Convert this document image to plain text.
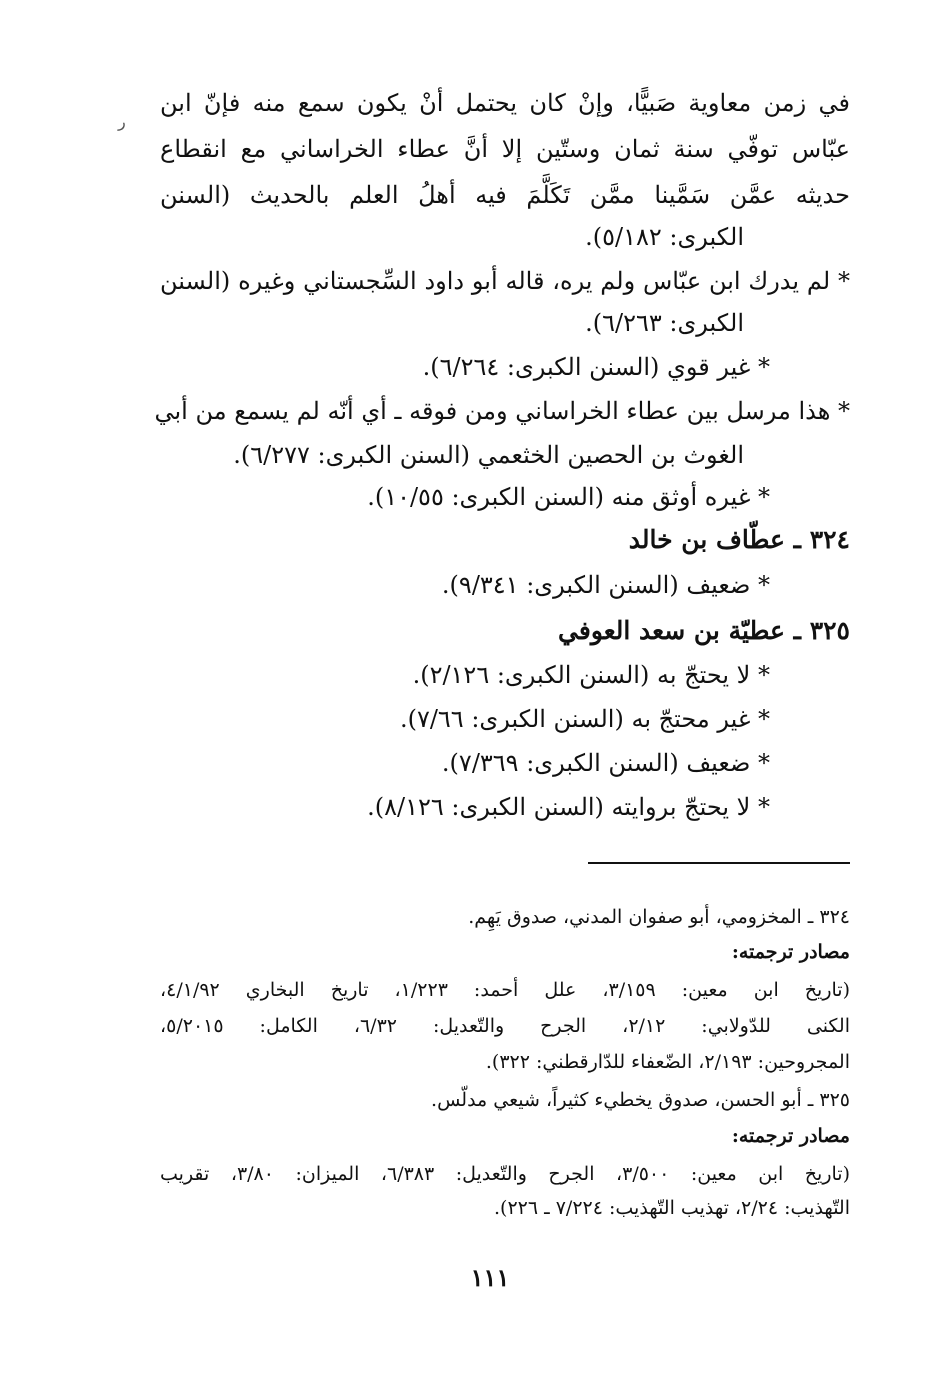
في زمن معاوية صَبيًّا، وإنْ كان يحتمل أنْ يكون سمع منه فإنّ ابن
عبّاس توفّي سنة ثمان وستّين إلا أنَّ عطاء الخراساني مع انقطاع
حديثه عمَّن سَمَّينا ممَّن تَكَلَّمَ فيه أهلُ العلم بالحديث (السنن
الكبرى: ٥/١٨٢).
* لم يدرك ابن عبّاس ولم يره، قاله أبو داود السِّجستاني وغيره (السنن
الكبرى: ٦/٢٦٣).
* غير قوي (السنن الكبرى: ٦/٢٦٤).
* هذا مرسل بين عطاء الخراساني ومن فوقه ـ أي أنّه لم يسمع من أبي
الغوث بن الحصين الخثعمي (السنن الكبرى: ٦/٢٧٧).
* غيره أوثق منه (السنن الكبرى: ١٠/٥٥).
٣٢٤ ـ عطّاف بن خالد
* ضعيف (السنن الكبرى: ٩/٣٤١).
٣٢٥ ـ عطيّة بن سعد العوفي
* لا يحتجّ به (السنن الكبرى: ٢/١٢٦).
* غير محتجّ به (السنن الكبرى: ٧/٦٦).
* ضعيف (السنن الكبرى: ٧/٣٦٩).
* لا يحتجّ بروايته (السنن الكبرى: ٨/١٢٦).
٣٢٤ ـ المخزومي، أبو صفوان المدني، صدوق يَهِم.
مصادر ترجمته:
(تاريخ ابن معين: ٣/١٥٩، علل أحمد: ١/٢٢٣، تاريخ البخاري ٤/١/٩٢،
الكنى للدّولابي: ٢/١٢، الجرح والتّعديل: ٦/٣٢، الكامل: ٥/٢٠١٥،
المجروحين: ٢/١٩٣، الضّعفاء للدّارقطني: ٣٢٢).
٣٢٥ ـ أبو الحسن، صدوق يخطيء كثيراً، شيعي مدلّس.
مصادر ترجمته:
(تاريخ ابن معين: ٣/٥٠٠، الجرح والتّعديل: ٦/٣٨٣، الميزان: ٣/٨٠، تقريب
التّهذيب: ٢/٢٤، تهذيب التّهذيب: ٧/٢٢٤ ـ ٢٢٦).
١١١
ﺭ
